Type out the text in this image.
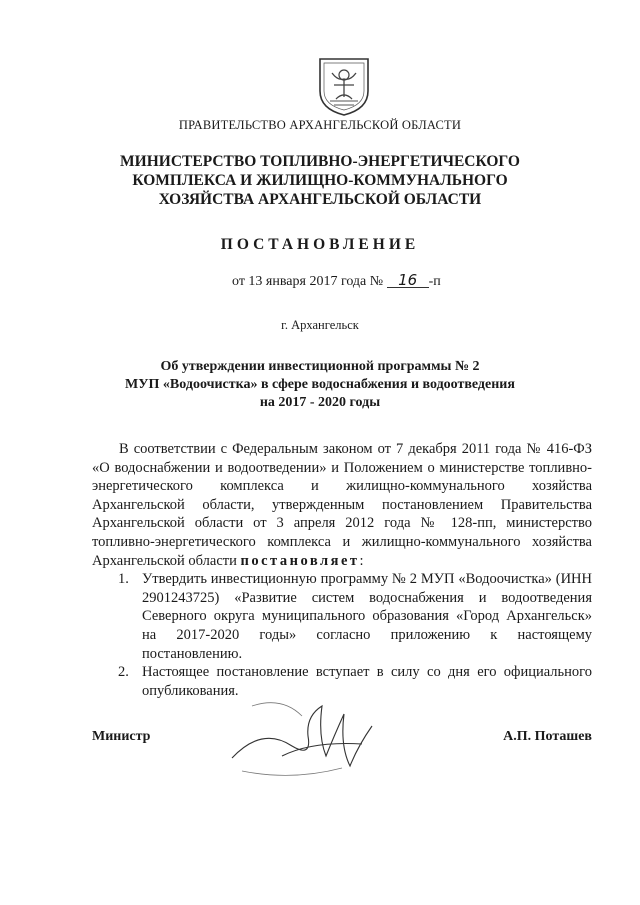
ПРАВИТЕЛЬСТВО АРХАНГЕЛЬСКОЙ ОБЛАСТИ
МИНИСТЕРСТВО ТОПЛИВНО-ЭНЕРГЕТИЧЕСКОГО
КОМПЛЕКСА И ЖИЛИЩНО-КОММУНАЛЬНОГО
ХОЗЯЙСТВА АРХАНГЕЛЬСКОЙ ОБЛАСТИ
ПОСТАНОВЛЕНИЕ
от 13 января 2017 года № 16 -п
г. Архангельск
Об утверждении инвестиционной программы № 2
МУП «Водоочистка» в сфере водоснабжения и водоотведения
на 2017 - 2020 годы

В соответствии с Федеральным законом от 7 декабря 2011 года № 416-ФЗ «О водоснабжении и водоотведении» и Положением о министерстве топливно-энергетического комплекса и жилищно-коммунального хозяйства Архангельской области, утвержденным постановлением Правительства Архангельской области от 3 апреля 2012 года № 128-пп, министерство топливно-энергетического комплекса и жилищно-коммунального хозяйства Архангельской области постановляет:

1. Утвердить инвестиционную программу № 2 МУП «Водоочистка» (ИНН 2901243725) «Развитие систем водоснабжения и водоотведения Северного округа муниципального образования «Город Архангельск» на 2017-2020 годы» согласно приложению к настоящему постановлению.

2. Настоящее постановление вступает в силу со дня его официального опубликования.

Министр	А.П. Поташев
